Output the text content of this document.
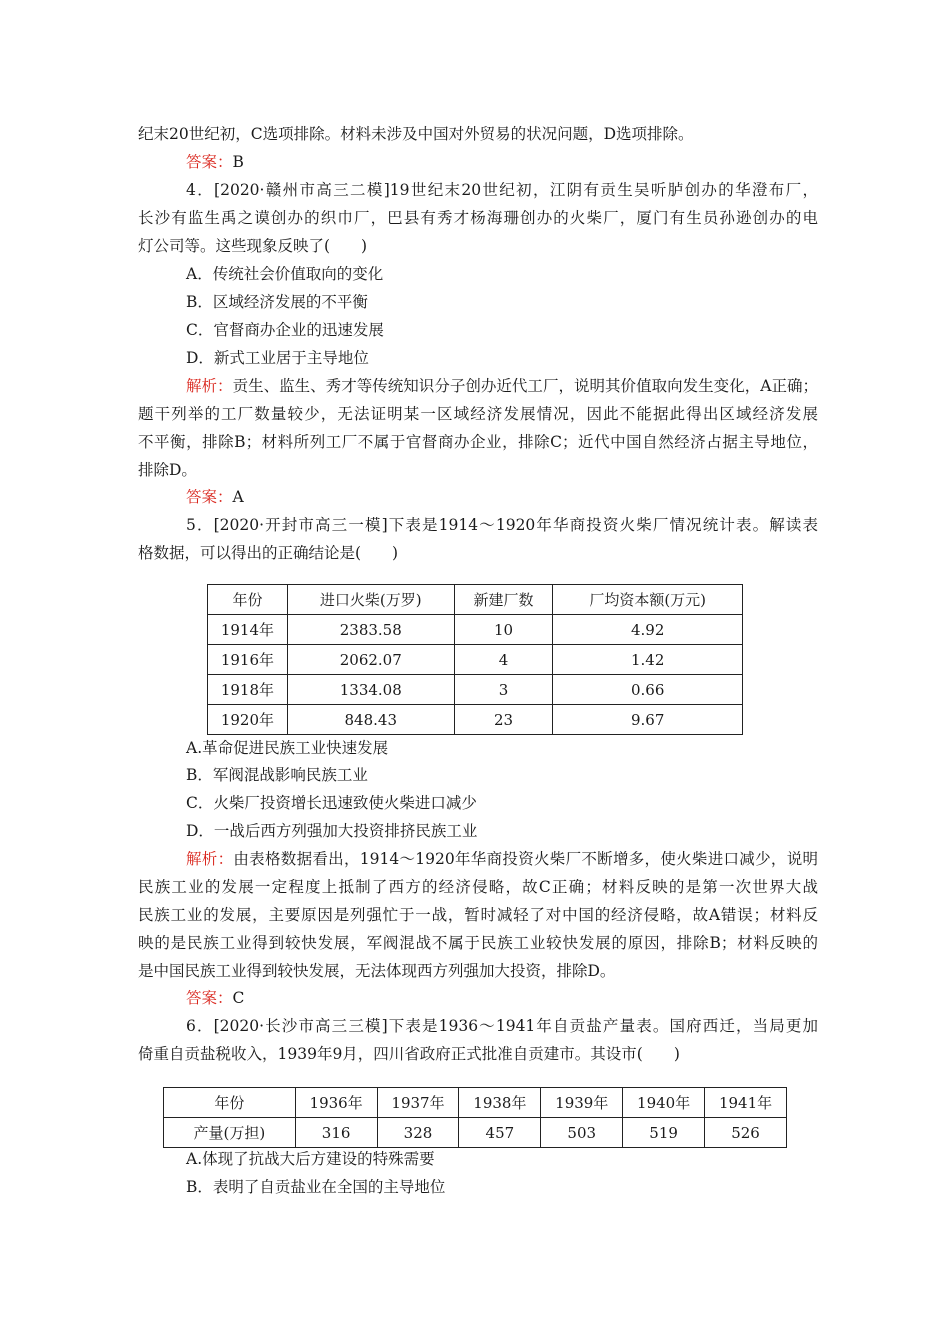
纪末20世纪初，C选项排除。材料未涉及中国对外贸易的状况问题，D选项排除。
答案：B
4．[2020·赣州市高三二模]19世纪末20世纪初，江阴有贡生吴听胪创办的华澄布厂，
长沙有监生禹之谟创办的织巾厂，巴县有秀才杨海珊创办的火柴厂，厦门有生员孙逊创办的电
灯公司等。这些现象反映了(　　)
A．传统社会价值取向的变化
B．区域经济发展的不平衡
C．官督商办企业的迅速发展
D．新式工业居于主导地位
解析：贡生、监生、秀才等传统知识分子创办近代工厂，说明其价值取向发生变化，A正确；
题干列举的工厂数量较少，无法证明某一区域经济发展情况，因此不能据此得出区域经济发展
不平衡，排除B；材料所列工厂不属于官督商办企业，排除C；近代中国自然经济占据主导地位，
排除D。
答案：A
5．[2020·开封市高三一模]下表是1914～1920年华商投资火柴厂情况统计表。解读表
格数据，可以得出的正确结论是(　　)
年份	进口火柴(万罗)	新建厂数	厂均资本额(万元)
1914年	2383.58	10	4.92
1916年	2062.07	4	1.42
1918年	1334.08	3	0.66
1920年	848.43	23	9.67
A.革命促进民族工业快速发展
B．军阀混战影响民族工业
C．火柴厂投资增长迅速致使火柴进口减少
D．一战后西方列强加大投资排挤民族工业
解析：由表格数据看出，1914～1920年华商投资火柴厂不断增多，使火柴进口减少，说明
民族工业的发展一定程度上抵制了西方的经济侵略，故C正确；材料反映的是第一次世界大战
民族工业的发展，主要原因是列强忙于一战，暂时减轻了对中国的经济侵略，故A错误；材料反
映的是民族工业得到较快发展，军阀混战不属于民族工业较快发展的原因，排除B；材料反映的
是中国民族工业得到较快发展，无法体现西方列强加大投资，排除D。
答案：C
6．[2020·长沙市高三三模]下表是1936～1941年自贡盐产量表。国府西迁，当局更加
倚重自贡盐税收入，1939年9月，四川省政府正式批准自贡建市。其设市(　　)
年份	1936年	1937年	1938年	1939年	1940年	1941年
产量(万担)	316	328	457	503	519	526
A.体现了抗战大后方建设的特殊需要
B．表明了自贡盐业在全国的主导地位
